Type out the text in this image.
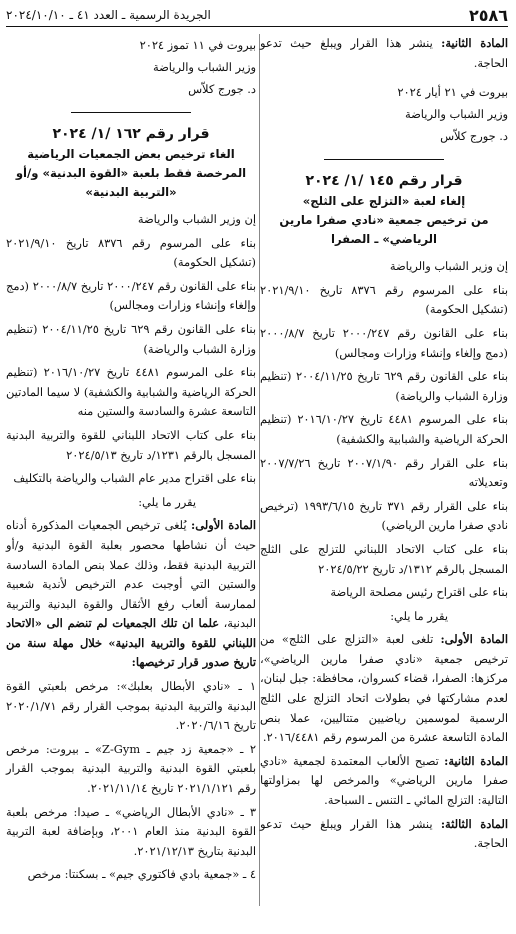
٢٥٨٦
الجريدة الرسمية ـ العدد ٤١ ـ ٢٠٢٤/١٠/١٠

المادة الثانية: ينشر هذا القرار ويبلغ حيث تدعو الحاجة.

بيروت في ٢١ أيار ٢٠٢٤

وزير الشباب والرياضة

د. جورج كلاّس

قرار رقم ١٤٥ /١/ ٢٠٢٤

إلغاء لعبة «التزلج على الثلج»

من ترخيص جمعية «نادي صفرا مارين الرياضي» ـ الصفرا

إن وزير الشباب والرياضة

بناء على المرسوم رقم ٨٣٧٦ تاريخ ٢٠٢١/٩/١٠ (تشكيل الحكومة)

بناء على القانون رقم ٢٠٠٠/٢٤٧ تاريخ ٢٠٠٠/٨/٧ (دمج وإلغاء وإنشاء وزارات ومجالس)

بناء على القانون رقم ٦٢٩ تاريخ ٢٠٠٤/١١/٢٥ (تنظيم وزارة الشباب والرياضة)

بناء على المرسوم ٤٤٨١ تاريخ ٢٠١٦/١٠/٢٧ (تنظيم الحركة الرياضية والشبابية والكشفية)

بناء على القرار رقم ٢٠٠٧/١/٩٠ تاريخ ٢٠٠٧/٧/٢٦ وتعديلاته

بناء على القرار رقم ٣٧١ تاريخ ١٩٩٣/٦/١٥ (ترخيص نادي صفرا مارين الرياضي)

بناء على كتاب الاتحاد اللبناني للتزلج على الثلج المسجل بالرقم ١٣١٢/د تاريخ ٢٠٢٤/٥/٢٢

بناء على اقتراح رئيس مصلحة الرياضة

يقرر ما يلي:

المادة الأولى: تلغى لعبة «التزلج على الثلج» من ترخيص جمعية «نادي صفرا مارين الرياضي»، مركزها: الصفرا، قضاء كسروان، محافظة: جبل لبنان، لعدم مشاركتها في بطولات اتحاد التزلج على الثلج الرسمية لموسمين رياضيين متتاليين، عملا بنص المادة التاسعة عشرة من المرسوم رقم ٢٠١٦/٤٤٨١.

المادة الثانية: تصبح الألعاب المعتمدة لجمعية «نادي صفرا مارين الرياضي» والمرخص لها بمزاولتها التالية: التزلج المائي ـ التنس ـ السباحة.

المادة الثالثة: ينشر هذا القرار ويبلغ حيث تدعو الحاجة.

بيروت في ١١ تموز ٢٠٢٤

وزير الشباب والرياضة

د. جورج كلاّس

قرار رقم ١٦٢ /١/ ٢٠٢٤

الغاء ترخيص بعض الجمعيات الرياضية المرخصة فقط بلعبة «القوة البدنية» و/أو «التربية البدنية»

إن وزير الشباب والرياضة

بناء على المرسوم رقم ٨٣٧٦ تاريخ ٢٠٢١/٩/١٠ (تشكيل الحكومة)

بناء على القانون رقم ٢٠٠٠/٢٤٧ تاريخ ٢٠٠٠/٨/٧ (دمج وإلغاء وإنشاء وزارات ومجالس)

بناء على القانون رقم ٦٢٩ تاريخ ٢٠٠٤/١١/٢٥ (تنظيم وزارة الشباب والرياضة)

بناء على المرسوم ٤٤٨١ تاريخ ٢٠١٦/١٠/٢٧ (تنظيم الحركة الرياضية والشبابية والكشفية) لا سيما المادتين التاسعة عشرة والسادسة والستين منه

بناء على كتاب الاتحاد اللبناني للقوة والتربية البدنية المسجل بالرقم ١٢٣١/د تاريخ ٢٠٢٤/٥/١٣

بناء على اقتراح مدير عام الشباب والرياضة بالتكليف

يقرر ما يلي:

المادة الأولى: يُلغى ترخيص الجمعيات المذكورة أدناه حيث أن نشاطها محصور بعلبة القوة البدنية و/أو التربية البدنية فقط، وذلك عملا بنص المادة السادسة والستين التي أوجبت عدم الترخيص لأندية شعبية لممارسة ألعاب رفع الأثقال والقوة البدنية والتربية البدنية، علما ان تلك الجمعيات لم تنضم الى «الاتحاد اللبناني للقوة والتربية البدنية» خلال مهلة سنة من تاريخ صدور قرار ترخيصها:

١ ـ «نادي الأبطال بعلبك»: مرخص بلعبتي القوة البدنية والتربية البدنية بموجب القرار رقم ٢٠٢٠/١/٧١ تاريخ ٢٠٢٠/٦/١٦.

٢ ـ «جمعية زد جيم ـ Z-Gym» ـ بيروت: مرخص بلعبتي القوة البدنية والتربية البدنية بموجب القرار رقم ٢٠٢١/١/١٢١ تاريخ ٢٠٢١/١١/١٤.

٣ ـ «نادي الأبطال الرياضي» ـ صيدا: مرخص بلعبة القوة البدنية منذ العام ٢٠٠١، وبإضافة لعبة التربية البدنية بتاريخ ٢٠٢١/١٢/١٣.

٤ ـ «جمعية بادي فاكتوري جيم» ـ بسكنتا: مرخص
